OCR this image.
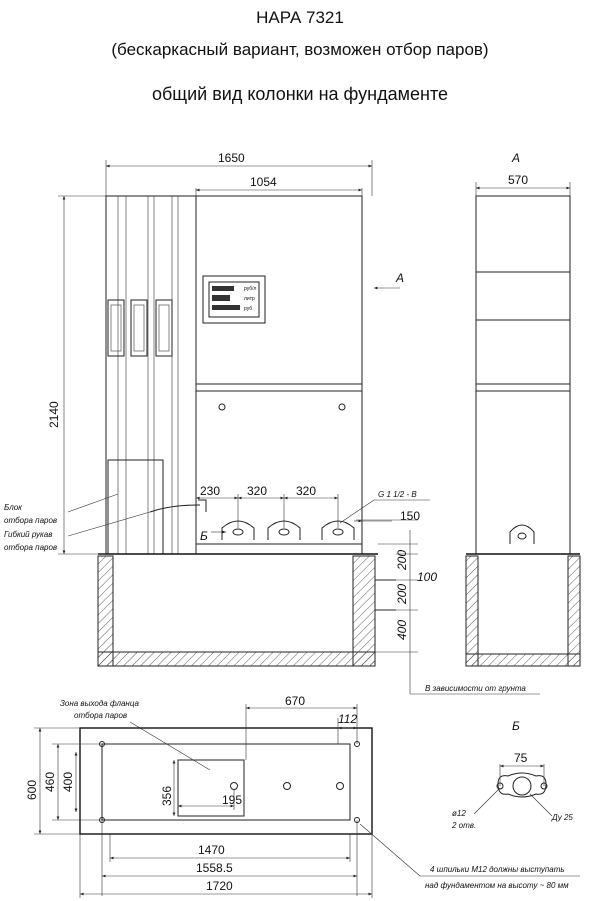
НАРА 7321
(бескаркасный вариант, возможен отбор паров)
общий вид колонки на фундаменте
руб/л
литр
руб
1650
1054
2140
230 320 320
150
200
100
200
400
G 1 1/2 - B
Б
A
Блок
отбора паров
Гибкий рукав
отбора паров
В зависимости от грунта
A
570
Зона выхода фланца
отбора паров
670
112
600 460 400
356	195
1470
1558.5
1720
4 шпильки М12 должны выступать
над фундаментом на высоту ~ 80 мм
Б
75
ø12
2 отв.
Ду 25
